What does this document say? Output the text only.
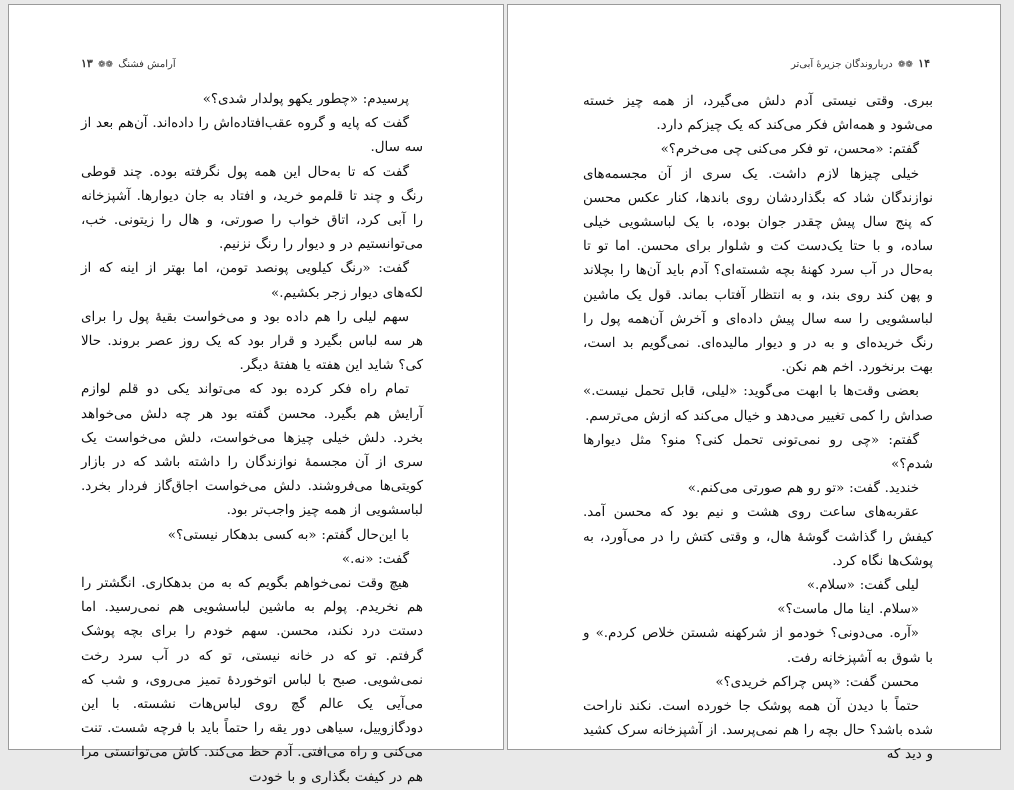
آرامش فشنگ ❁❁ ۱۳

پرسیدم: «چطور یکهو پولدار شدی؟»

گفت که پایه و گروه عقب‌افتاده‌اش را داده‌اند. آن‌هم بعد از سه سال.

گفت که تا به‌حال این همه پول نگرفته بوده. چند قوطی رنگ و چند تا قلم‌مو خرید، و افتاد به جان دیوارها. آشپزخانه را آبی کرد، اتاق خواب را صورتی، و هال را زیتونی. خب، می‌توانستیم در و دیوار را رنگ نزنیم.

گفت: «رنگ کیلویی پونصد تومن، اما بهتر از اینه که از لکه‌های دیوار زجر بکشیم.»

سهم لیلی را هم داده بود و می‌خواست بقیهٔ پول را برای هر سه لباس بگیرد و قرار بود که یک روز عصر بروند. حالا کی؟ شاید این هفته یا هفتهٔ دیگر.

تمام راه فکر کرده بود که می‌تواند یکی دو قلم لوازم آرایش هم بگیرد. محسن گفته بود هر چه دلش می‌خواهد بخرد. دلش خیلی چیزها می‌خواست، دلش می‌خواست یک سری از آن مجسمهٔ نوازندگان را داشته باشد که در بازار کویتی‌ها می‌فروشند. دلش می‌خواست اجاق‌گاز فردار بخرد. لباسشویی از همه چیز واجب‌تر بود.

با این‌حال گفتم: «به کسی بدهکار نیستی؟»

گفت: «نه.»

هیچ وقت نمی‌خواهم بگویم که به من بدهکاری. انگشتر را هم نخریدم. پولم به ماشین لباسشویی هم نمی‌رسید. اما دستت درد نکند، محسن. سهم خودم را برای بچه پوشک گرفتم. تو که در خانه نیستی، تو که در آب سرد رخت نمی‌شویی. صبح با لباس اتوخوردهٔ تمیز می‌روی، و شب که می‌آیی یک عالم گچ روی لباس‌هات نشسته. با این دودگازوییل، سیاهی دور یقه را حتماً باید با فرچه شست. تنت می‌کنی و راه می‌افتی. آدم حظ می‌کند. کاش می‌توانستی مرا هم در کیفت بگذاری و با خودت

۱۴ ❁❁ درباروندگان جزیرهٔ آبی‌تر

ببری. وقتی نیستی آدم دلش می‌گیرد، از همه چیز خسته می‌شود و همه‌اش فکر می‌کند که یک چیزکم دارد.

گفتم: «محسن، تو فکر می‌کنی چی می‌خرم؟»

خیلی چیزها لازم داشت. یک سری از آن مجسمه‌های نوازندگان شاد که بگذاردشان روی باندها، کنار عکس محسن که پنج سال پیش چقدر جوان بوده، با یک لباسشویی خیلی ساده، و با حتا یک‌دست کت و شلوار برای محسن. اما تو تا به‌حال در آب سرد کهنهٔ بچه شسته‌ای؟ آدم باید آن‌ها را بچلاند و پهن کند روی بند، و به انتظار آفتاب بماند. قول یک ماشین لباسشویی را سه سال پیش داده‌ای و آخرش آن‌همه پول را رنگ خریده‌ای و به در و دیوار مالیده‌ای. نمی‌گویم بد است، بهت برنخورد. اخم هم نکن.

بعضی وقت‌ها با ابهت می‌گوید: «لیلی، قابل تحمل نیست.» صداش را کمی تغییر می‌دهد و خیال می‌کند که ازش می‌ترسم.

گفتم: «چی رو نمی‌تونی تحمل کنی؟ منو؟ مثل دیوارها شدم؟»

خندید. گفت: «تو رو هم صورتی می‌کنم.»

عقربه‌های ساعت روی هشت و نیم بود که محسن آمد. کیفش را گذاشت گوشهٔ هال، و وقتی کتش را در می‌آورد، به پوشک‌ها نگاه کرد.

لیلی گفت: «سلام.»

«سلام. اینا مال ماست؟»

«آره. می‌دونی؟ خودمو از شرکهنه شستن خلاص کردم.» و با شوق به آشپزخانه رفت.

محسن گفت: «پس چراکم خریدی؟»

حتماً با دیدن آن همه پوشک جا خورده است. نکند ناراحت شده باشد؟ حال بچه را هم نمی‌پرسد. از آشپزخانه سرک کشید و دید که
